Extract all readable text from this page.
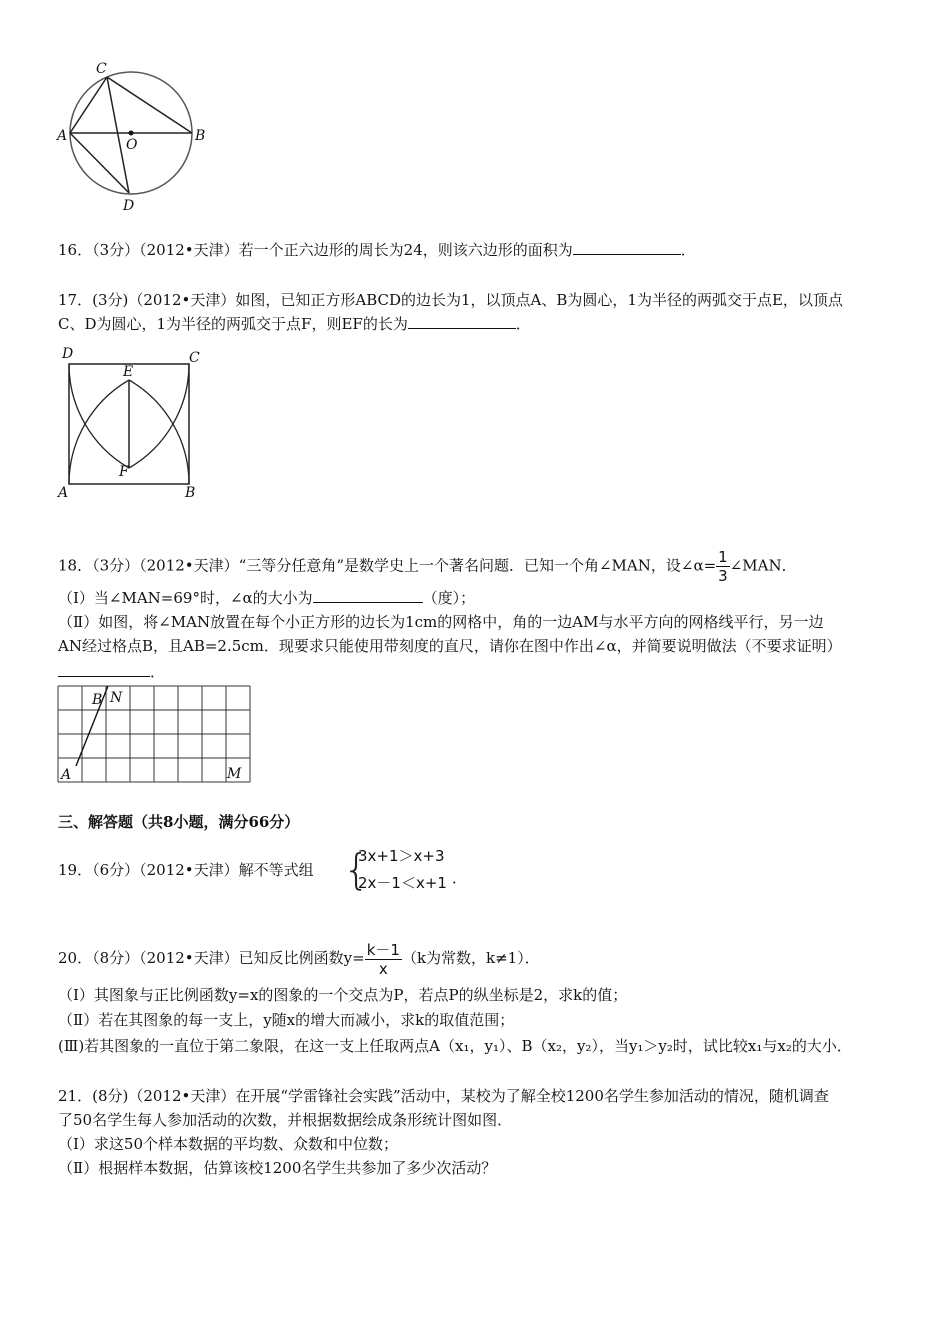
C
A
O
B
D
16．（3分）（2012•天津）若一个正六边形的周长为24，则该六边形的面积为	．
17．(3分)（2012•天津）如图，已知正方形ABCD的边长为1，以顶点A、B为圆心，1为半径的两弧交于点E，以顶点
C、D为圆心，1为半径的两弧交于点F，则EF的长为	．
D	C
E
F
A	B
18．（3分）（2012•天津）“三等分任意角”是数学史上一个著名问题．已知一个角∠MAN，设∠α= $\frac{1}{3}$ ∠MAN．
（Ⅰ）当∠MAN=69°时，∠α的大小为	（度）；
（Ⅱ）如图，将∠MAN放置在每个小正方形的边长为1cm的网格中，角的一边AM与水平方向的网格线平行，另一边
AN经过格点B，且AB=2.5cm．现要求只能使用带刻度的直尺，请你在图中作出∠α，并简要说明做法（不要求证明）
．
B N
A	M
三、解答题（共8小题，满分66分）
19．（6分）（2012•天津）解不等式组 {
3x+1＞x+3
2x－1＜x+1 ．
20．（8分）（2012•天津）已知反比例函数$y= \frac{k-1}{x} (k$为常数，k≠1）．
（Ⅰ）其图象与正比例函数y=x的图象的一个交点为P，若点P的纵坐标是2，求k的值；
（Ⅱ）若在其图象的每一支上，y随x的增大而减小，求k的取值范围；
(Ⅲ)若其图象的一直位于第二象限，在这一支上任取两点A（x₁，y₁）、B（x₂，y₂），当y₁＞y₂时，试比较x₁与x₂的大小．
21．(8分)（2012•天津）在开展“学雷锋社会实践”活动中，某校为了解全校1200名学生参加活动的情况，随机调查
了50名学生每人参加活动的次数，并根据数据绘成条形统计图如图．
（Ⅰ）求这50个样本数据的平均数、众数和中位数；
（Ⅱ）根据样本数据，估算该校1200名学生共参加了多少次活动？
